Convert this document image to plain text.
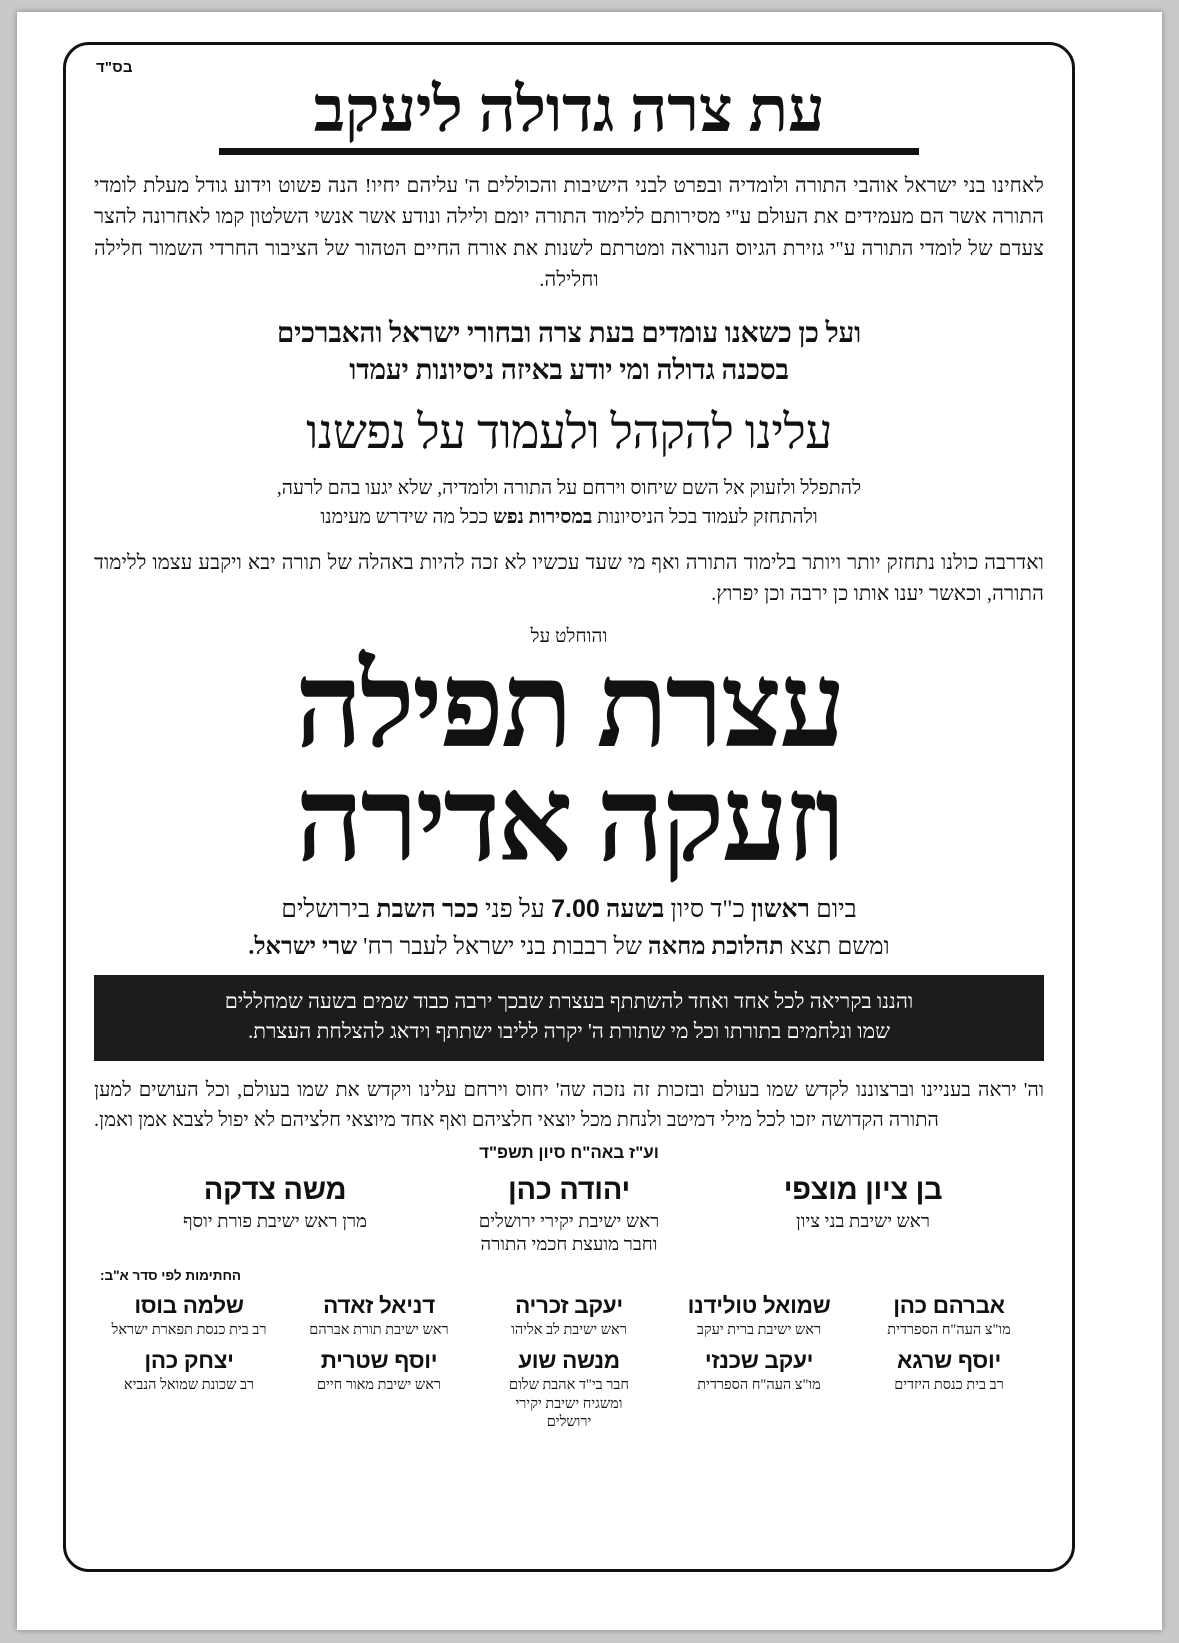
בס"ד
עת צרה גדולה ליעקב

לאחינו בני ישראל אוהבי התורה ולומדיה ובפרט לבני הישיבות והכוללים ה' עליהם יחיו! הנה פשוט וידוע גודל מעלת לומדי התורה אשר הם מעמידים את העולם ע"י מסירותם ללימוד התורה יומם ולילה ונודע אשר אנשי השלטון קמו לאחרונה להצר צעדם של לומדי התורה ע"י גזירת הגיוס הנוראה ומטרתם לשנות את אורח החיים הטהור של הציבור החרדי השמור חלילה וחלילה.

ועל כן כשאנו עומדים בעת צרה ובחורי ישראל והאברכים
בסכנה גדולה ומי יודע באיזה ניסיונות יעמדו
עלינו להקהל ולעמוד על נפשנו
להתפלל ולזעוק אל השם שיחוס וירחם על התורה ולומדיה, שלא יגעו בהם לרעה,
ולהתחזק לעמוד בכל הניסיונות במסירות נפש ככל מה שידרש מעימנו

ואדרבה כולנו נתחזק יותר ויותר בלימוד התורה ואף מי שעד עכשיו לא זכה להיות באהלה של תורה יבא ויקבע עצמו ללימוד התורה, וכאשר יענו אותו כן ירבה וכן יפרוץ.

והוחלט על
עצרת תפילה
וזעקה אדירה
ביום ראשון כ"ד סיון בשעה 7.00 על פני ככר השבת בירושלים
ומשם תצא תהלוכת מחאה של רבבות בני ישראל לעבר רח' שרי ישראל.
והננו בקריאה לכל אחד ואחד להשתתף בעצרת שבכך ירבה כבוד שמים בשעה שמחללים
שמו ונלחמים בתורתו וכל מי שתורת ה' יקרה לליבו ישתתף וידאג להצלחת העצרת.

וה' יראה בעניינו וברצוננו לקדש שמו בעולם ובזכות זה נזכה שה' יחוס וירחם עלינו ויקדש את שמו בעולם, וכל העושים למען התורה הקדושה יזכו לכל מילי דמיטב ולנחת מכל יוצאי חלציהם ואף אחד מיוצאי חלציהם לא יפול לצבא אמן ואמן.

וע"ז באה"ח סיון תשפ"ד
בן ציון מוצפי
ראש ישיבת בני ציון
יהודה כהן
ראש ישיבת יקירי ירושלים
וחבר מועצת חכמי התורה
משה צדקה
מרן ראש ישיבת פורת יוסף
החתימות לפי סדר א"ב:
אברהם כהן
מו"צ העה"ח הספרדית
שמואל טולידנו
ראש ישיבת ברית יעקב
יעקב זכריה
ראש ישיבת לב אליהו
דניאל זאדה
ראש ישיבת תורת אברהם
שלמה בוסו
רב בית כנסת תפארת ישראל
יוסף שרגא
רב בית כנסת היזדים
יעקב שכנזי
מו"צ העה"ח הספרדית
מנשה שוע
חבר בי"ד אהבת שלום
ומשגיח ישיבת יקירי
ירושלים
יוסף שטרית
ראש ישיבת מאור חיים
יצחק כהן
רב שכונת שמואל הנביא
